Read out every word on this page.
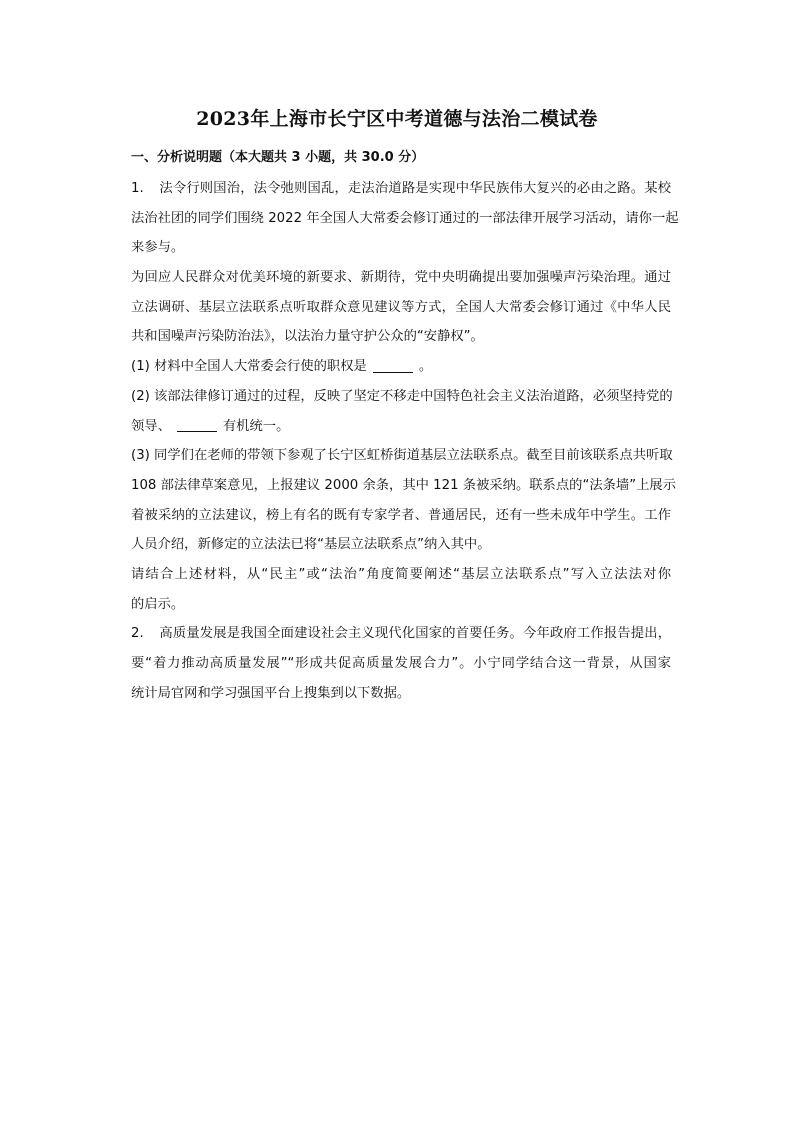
2023年上海市长宁区中考道德与法治二模试卷
一、分析说明题（本大题共 3 小题，共 30.0 分）
1. 法令行则国治，法令弛则国乱，走法治道路是实现中华民族伟大复兴的必由之路。某校
法治社团的同学们围绕 2022 年全国人大常委会修订通过的一部法律开展学习活动，请你一起
来参与。
为回应人民群众对优美环境的新要求、新期待，党中央明确提出要加强噪声污染治理。通过
立法调研、基层立法联系点听取群众意见建议等方式，全国人大常委会修订通过《中华人民
共和国噪声污染防治法》，以法治力量守护公众的“安静权”。
(1) 材料中全国人大常委会行使的职权是	。
(2) 该部法律修订通过的过程，反映了坚定不移走中国特色社会主义法治道路，必须坚持党的
领导、	有机统一。
(3) 同学们在老师的带领下参观了长宁区虹桥街道基层立法联系点。截至目前该联系点共听取
108 部法律草案意见，上报建议 2000 余条，其中 121 条被采纳。联系点的“法条墙”上展示
着被采纳的立法建议，榜上有名的既有专家学者、普通居民，还有一些未成年中学生。工作
人员介绍，新修定的立法法已将“基层立法联系点”纳入其中。
请结合上述材料，从“民主”或“法治”角度简要阐述“基层立法联系点”写入立法法对你
的启示。
2. 高质量发展是我国全面建设社会主义现代化国家的首要任务。今年政府工作报告提出，
要“着力推动高质量发展”“形成共促高质量发展合力”。小宁同学结合这一背景，从国家
统计局官网和学习强国平台上搜集到以下数据。
